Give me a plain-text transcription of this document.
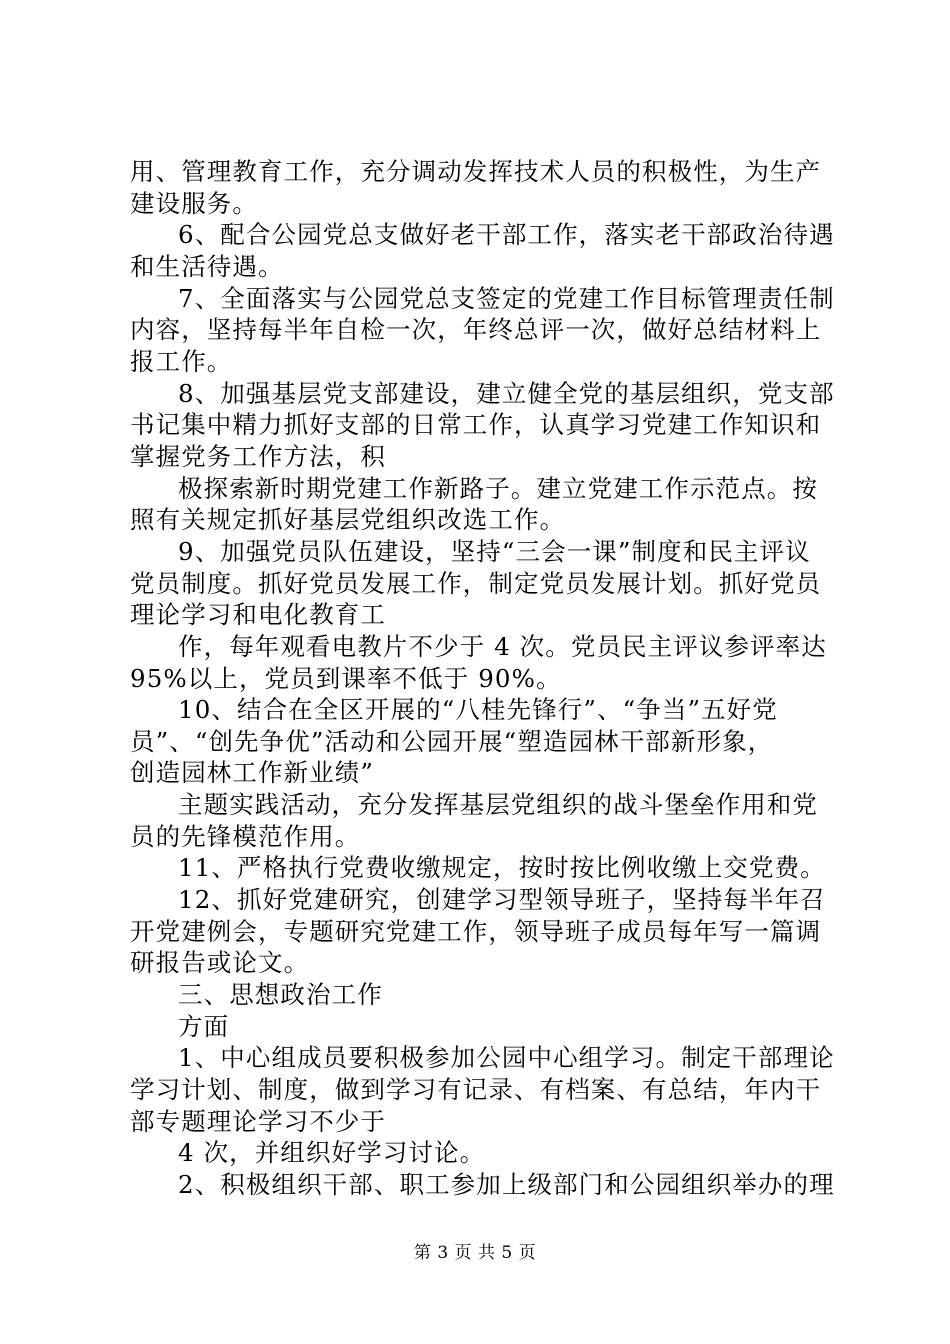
用、管理教育工作，充分调动发挥技术人员的积极性，为生产
建设服务。
6、配合公园党总支做好老干部工作，落实老干部政治待遇
和生活待遇。
7、全面落实与公园党总支签定的党建工作目标管理责任制
内容，坚持每半年自检一次，年终总评一次，做好总结材料上
报工作。
8、加强基层党支部建设，建立健全党的基层组织，党支部
书记集中精力抓好支部的日常工作，认真学习党建工作知识和
掌握党务工作方法，积
极探索新时期党建工作新路子。建立党建工作示范点。按
照有关规定抓好基层党组织改选工作。
9、加强党员队伍建设，坚持“三会一课”制度和民主评议
党员制度。抓好党员发展工作，制定党员发展计划。抓好党员
理论学习和电化教育工
作，每年观看电教片不少于 4 次。党员民主评议参评率达
95%以上，党员到课率不低于 90%。
10、结合在全区开展的“八桂先锋行”、“争当”五好党
员”、“创先争优”活动和公园开展“塑造园林干部新形象，
创造园林工作新业绩”
主题实践活动，充分发挥基层党组织的战斗堡垒作用和党
员的先锋模范作用。
11、严格执行党费收缴规定，按时按比例收缴上交党费。
12、抓好党建研究，创建学习型领导班子，坚持每半年召
开党建例会，专题研究党建工作，领导班子成员每年写一篇调
研报告或论文。
三、思想政治工作
方面
1、中心组成员要积极参加公园中心组学习。制定干部理论
学习计划、制度，做到学习有记录、有档案、有总结，年内干
部专题理论学习不少于
4 次，并组织好学习讨论。
2、积极组织干部、职工参加上级部门和公园组织举办的理
第 3 页 共 5 页
